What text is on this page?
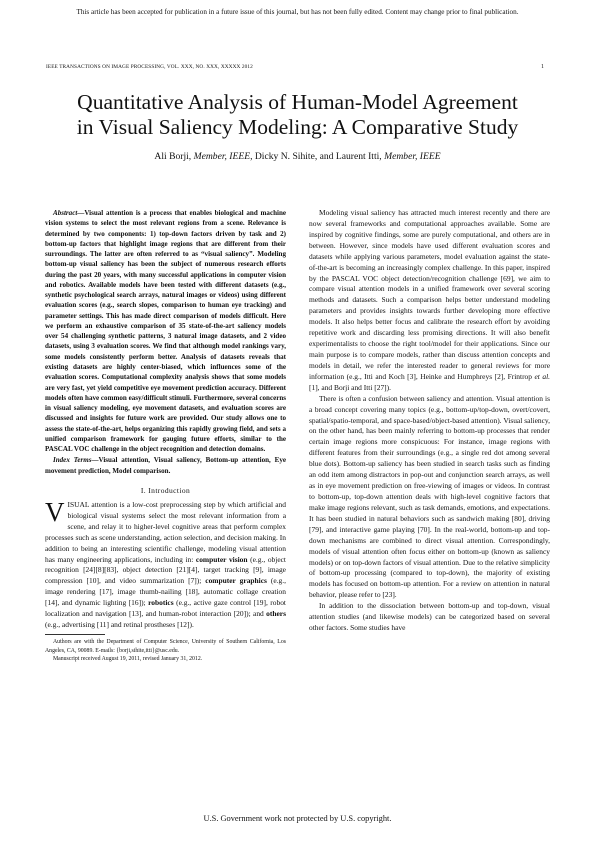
This article has been accepted for publication in a future issue of this journal, but has not been fully edited. Content may change prior to final publication.
IEEE TRANSACTIONS ON IMAGE PROCESSING, VOL. XXX, NO. XXX, XXXXX 2012	1
Quantitative Analysis of Human-Model Agreement
in Visual Saliency Modeling: A Comparative Study
Ali Borji, Member, IEEE, Dicky N. Sihite, and Laurent Itti, Member, IEEE

Abstract—Visual attention is a process that enables biological and machine vision systems to select the most relevant regions from a scene. Relevance is determined by two components: 1) top-down factors driven by task and 2) bottom-up factors that highlight image regions that are different from their surroundings. The latter are often referred to as “visual saliency”. Modeling bottom-up visual saliency has been the subject of numerous research efforts during the past 20 years, with many successful applications in computer vision and robotics. Available models have been tested with different datasets (e.g., synthetic psychological search arrays, natural images or videos) using different evaluation scores (e.g., search slopes, comparison to human eye tracking) and parameter settings. This has made direct comparison of models difficult. Here we perform an exhaustive comparison of 35 state-of-the-art saliency models over 54 challenging synthetic patterns, 3 natural image datasets, and 2 video datasets, using 3 evaluation scores. We find that although model rankings vary, some models consistently perform better. Analysis of datasets reveals that existing datasets are highly center-biased, which influences some of the evaluation scores. Computational complexity analysis shows that some models are very fast, yet yield competitive eye movement prediction accuracy. Different models often have common easy/difficult stimuli. Furthermore, several concerns in visual saliency modeling, eye movement datasets, and evaluation scores are discussed and insights for future work are provided. Our study allows one to assess the state-of-the-art, helps organizing this rapidly growing field, and sets a unified comparison framework for gauging future efforts, similar to the PASCAL VOC challenge in the object recognition and detection domains.

Index Terms—Visual attention, Visual saliency, Bottom-up attention, Eye movement prediction, Model comparison.

I. Introduction

VISUAL attention is a low-cost preprocessing step by which artificial and biological visual systems select the most relevant information from a scene, and relay it to higher-level cognitive areas that perform complex processes such as scene understanding, action selection, and decision making. In addition to being an interesting scientific challenge, modeling visual attention has many engineering applications, including in: computer vision (e.g., object recognition [24][8][83], object detection [21][4], target tracking [9], image compression [10], and video summarization [7]); computer graphics (e.g., image rendering [17], image thumb-nailing [18], automatic collage creation [14], and dynamic lighting [16]); robotics (e.g., active gaze control [19], robot localization and navigation [13], and human-robot interaction [20]); and others (e.g., advertising [11] and retinal prostheses [12]).

Authors are with the Department of Computer Science, University of Southern California, Los Angeles, CA, 90089. E-mails: {borji,sihite,itti}@usc.edu.

Manuscript received August 19, 2011, revised January 31, 2012.

Modeling visual saliency has attracted much interest recently and there are now several frameworks and computational approaches available. Some are inspired by cognitive findings, some are purely computational, and others are in between. However, since models have used different evaluation scores and datasets while applying various parameters, model evaluation against the state-of-the-art is becoming an increasingly complex challenge. In this paper, inspired by the PASCAL VOC object detection/recognition challenge [69], we aim to compare visual attention models in a unified framework over several scoring methods and datasets. Such a comparison helps better understand modeling parameters and provides insights towards further developing more effective models. It also helps better focus and calibrate the research effort by avoiding repetitive work and discarding less promising directions. It will also benefit experimentalists to choose the right tool/model for their applications. Since our main purpose is to compare models, rather than discuss attention concepts and models in detail, we refer the interested reader to general reviews for more information (e.g., Itti and Koch [3], Heinke and Humphreys [2], Frintrop et al. [1], and Borji and Itti [27]).

There is often a confusion between saliency and attention. Visual attention is a broad concept covering many topics (e.g., bottom-up/top-down, overt/covert, spatial/spatio-temporal, and space-based/object-based attention). Visual saliency, on the other hand, has been mainly referring to bottom-up processes that render certain image regions more conspicuous: For instance, image regions with different features from their surroundings (e.g., a single red dot among several blue dots). Bottom-up saliency has been studied in search tasks such as finding an odd item among distractors in pop-out and conjunction search arrays, as well as in eye movement prediction on free-viewing of images or videos. In contrast to bottom-up, top-down attention deals with high-level cognitive factors that make image regions relevant, such as task demands, emotions, and expectations. It has been studied in natural behaviors such as sandwich making [80], driving [79], and interactive game playing [70]. In the real-world, bottom-up and top-down mechanisms are combined to direct visual attention. Correspondingly, models of visual attention often focus either on bottom-up (known as saliency models) or on top-down factors of visual attention. Due to the relative simplicity of bottom-up processing (compared to top-down), the majority of existing models has focused on bottom-up attention. For a review on attention in natural behavior, please refer to [23].

In addition to the dissociation between bottom-up and top-down, visual attention studies (and likewise models) can be categorized based on several other factors. Some studies have

U.S. Government work not protected by U.S. copyright.
